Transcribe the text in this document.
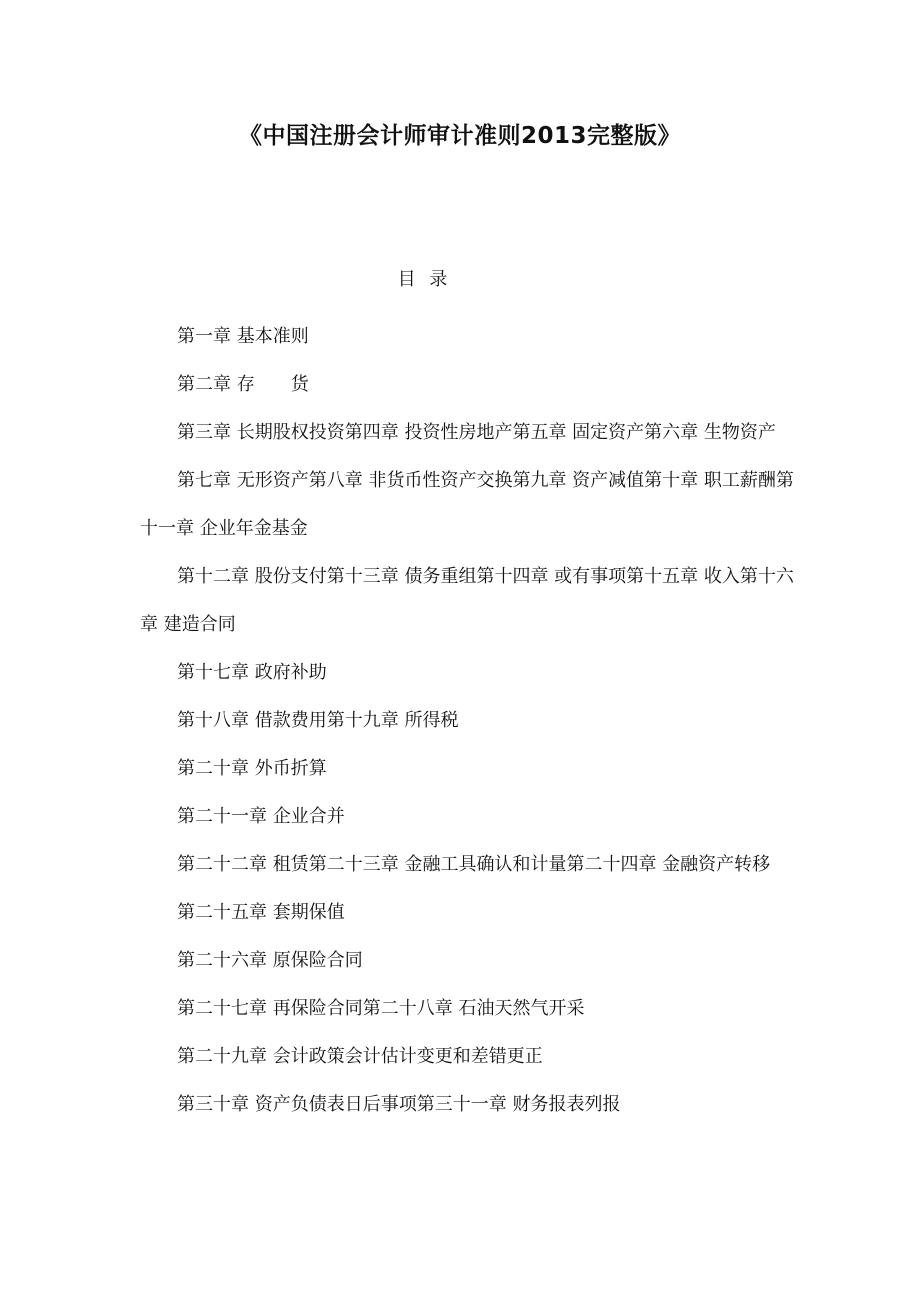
《中国注册会计师审计准则2013完整版》
目 录
第一章 基本准则
第二章 存　　货
第三章 长期股权投资第四章 投资性房地产第五章 固定资产第六章 生物资产
第七章 无形资产第八章 非货币性资产交换第九章 资产减值第十章 职工薪酬第十一章 企业年金基金
第十二章 股份支付第十三章 债务重组第十四章 或有事项第十五章 收入第十六章 建造合同
第十七章 政府补助
第十八章 借款费用第十九章 所得税
第二十章 外币折算
第二十一章 企业合并
第二十二章 租赁第二十三章 金融工具确认和计量第二十四章 金融资产转移
第二十五章 套期保值
第二十六章 原保险合同
第二十七章 再保险合同第二十八章 石油天然气开采
第二十九章 会计政策会计估计变更和差错更正
第三十章 资产负债表日后事项第三十一章 财务报表列报
